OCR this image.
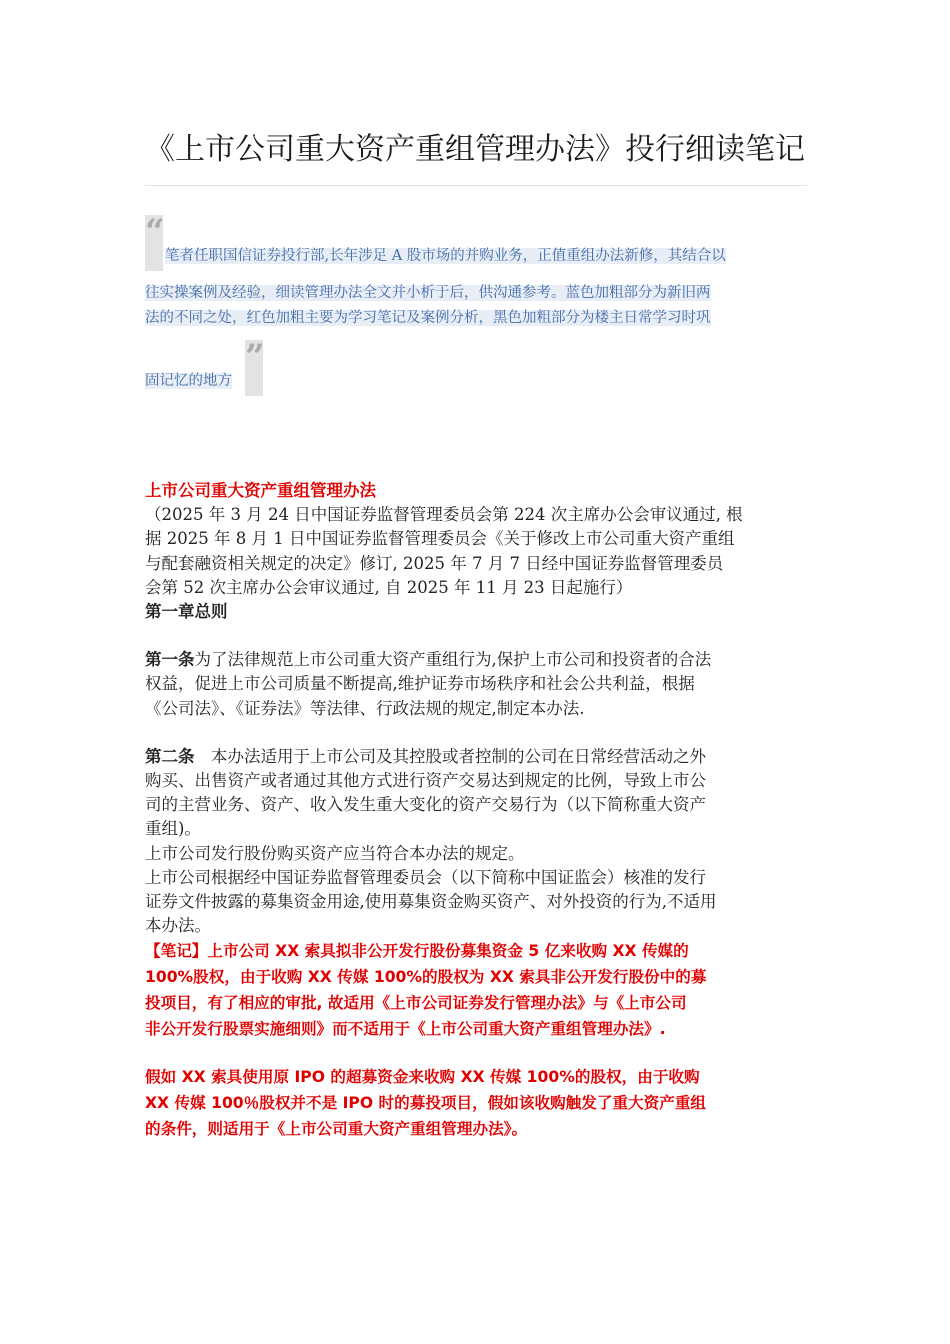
《上市公司重大资产重组管理办法》投行细读笔记
“
笔者任职国信证券投行部,长年涉足 A 股市场的并购业务，正值重组办法新修，其结合以
往实操案例及经验，细读管理办法全文并小析于后，供沟通参考。蓝色加粗部分为新旧两
法的不同之处，红色加粗主要为学习笔记及案例分析，黑色加粗部分为楼主日常学习时巩
固记忆的地方
”
上市公司重大资产重组管理办法
（2025 年 3 月 24 日中国证券监督管理委员会第 224 次主席办公会审议通过, 根
据 2025 年 8 月 1 日中国证券监督管理委员会《关于修改上市公司重大资产重组
与配套融资相关规定的决定》修订, 2025 年 7 月 7 日经中国证券监督管理委员
会第 52 次主席办公会审议通过, 自 2025 年 11 月 23 日起施行）
第一章总则
第一条为了法律规范上市公司重大资产重组行为,保护上市公司和投资者的合法
权益，促进上市公司质量不断提高,维护证券市场秩序和社会公共利益，根据
《公司法》、《证券法》等法律、行政法规的规定,制定本办法.
第二条　本办法适用于上市公司及其控股或者控制的公司在日常经营活动之外
购买、出售资产或者通过其他方式进行资产交易达到规定的比例，导致上市公
司的主营业务、资产、收入发生重大变化的资产交易行为（以下简称重大资产
重组)。
上市公司发行股份购买资产应当符合本办法的规定。
上市公司根据经中国证券监督管理委员会（以下简称中国证监会）核准的发行
证券文件披露的募集资金用途,使用募集资金购买资产、对外投资的行为,不适用
本办法。
【笔记】上市公司 XX 索具拟非公开发行股份募集资金 5 亿来收购 XX 传媒的
100%股权，由于收购 XX 传媒 100%的股权为 XX 索具非公开发行股份中的募
投项目，有了相应的审批, 故适用《上市公司证券发行管理办法》与《上市公司
非公开发行股票实施细则》而不适用于《上市公司重大资产重组管理办法》.
假如 XX 索具使用原 IPO 的超募资金来收购 XX 传媒 100%的股权，由于收购
XX 传媒 100％股权并不是 IPO 时的募投项目，假如该收购触发了重大资产重组
的条件，则适用于《上市公司重大资产重组管理办法》。
